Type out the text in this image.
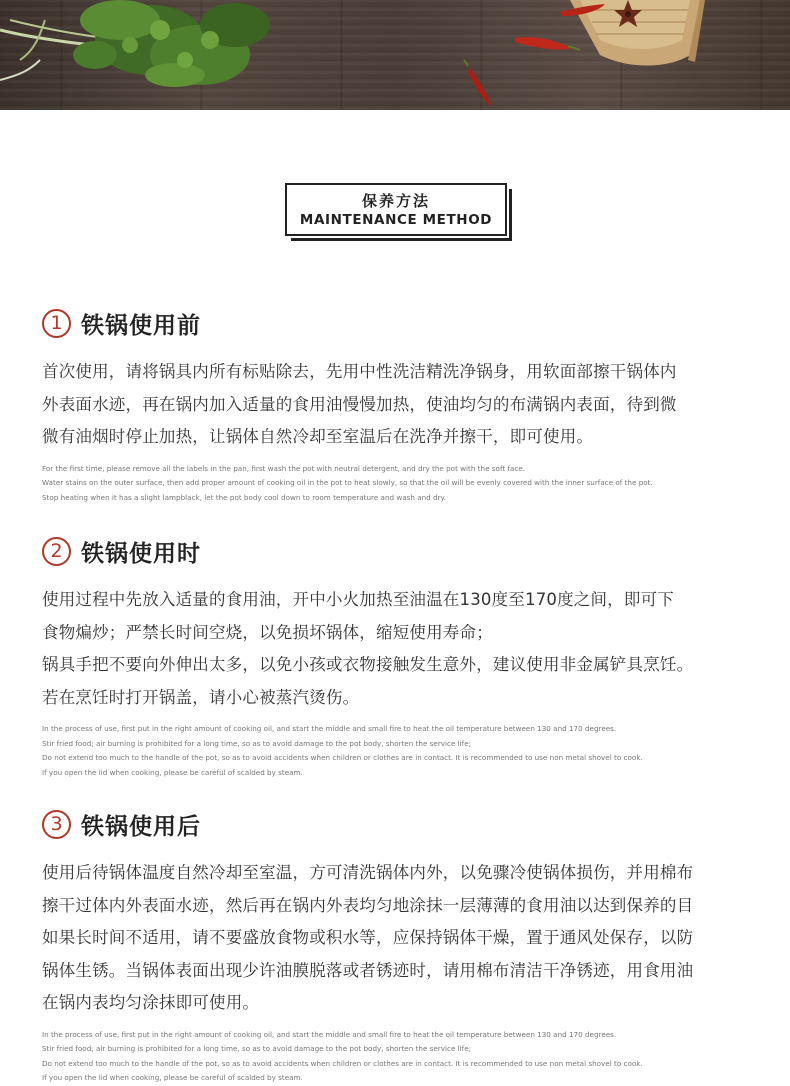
保养方法
MAINTENANCE METHOD
1 铁锅使用前
首次使用，请将锅具内所有标贴除去，先用中性洗洁精洗净锅身，用软面部擦干锅体内
外表面水迹，再在锅内加入适量的食用油慢慢加热，使油均匀的布满锅内表面，待到微
微有油烟时停止加热，让锅体自然冷却至室温后在洗净并擦干，即可使用。
For the first time, please remove all the labels in the pan, first wash the pot with neutral detergent, and dry the pot with the soft face.
Water stains on the outer surface, then add proper amount of cooking oil in the pot to heat slowly, so that the oil will be evenly covered with the inner surface of the pot.
Stop heating when it has a slight lampblack, let the pot body cool down to room temperature and wash and dry.
2 铁锅使用时
使用过程中先放入适量的食用油，开中小火加热至油温在130度至170度之间，即可下
食物煸炒；严禁长时间空烧，以免损坏锅体，缩短使用寿命；
锅具手把不要向外伸出太多，以免小孩或衣物接触发生意外，建议使用非金属铲具烹饪。
若在烹饪时打开锅盖，请小心被蒸汽烫伤。
In the process of use, first put in the right amount of cooking oil, and start the middle and small fire to heat the oil temperature between 130 and 170 degrees.
Stir fried food; air burning is prohibited for a long time, so as to avoid damage to the pot body, shorten the service life;
Do not extend too much to the handle of the pot, so as to avoid accidents when children or clothes are in contact. It is recommended to use non metal shovel to cook.
If you open the lid when cooking, please be careful of scalded by steam.
3 铁锅使用后
使用后待锅体温度自然冷却至室温，方可清洗锅体内外，以免骤冷使锅体损伤，并用棉布
擦干过体内外表面水迹，然后再在锅内外表均匀地涂抹一层薄薄的食用油以达到保养的目
如果长时间不适用，请不要盛放食物或积水等，应保持锅体干燥，置于通风处保存，以防
锅体生锈。当锅体表面出现少许油膜脱落或者锈迹时，请用棉布清洁干净锈迹，用食用油
在锅内表均匀涂抹即可使用。
In the process of use, first put in the right amount of cooking oil, and start the middle and small fire to heat the oil temperature between 130 and 170 degrees.
Stir fried food; air burning is prohibited for a long time, so as to avoid damage to the pot body, shorten the service life;
Do not extend too much to the handle of the pot, so as to avoid accidents when children or clothes are in contact. It is recommended to use non metal shovel to cook.
If you open the lid when cooking, please be careful of scalded by steam.
